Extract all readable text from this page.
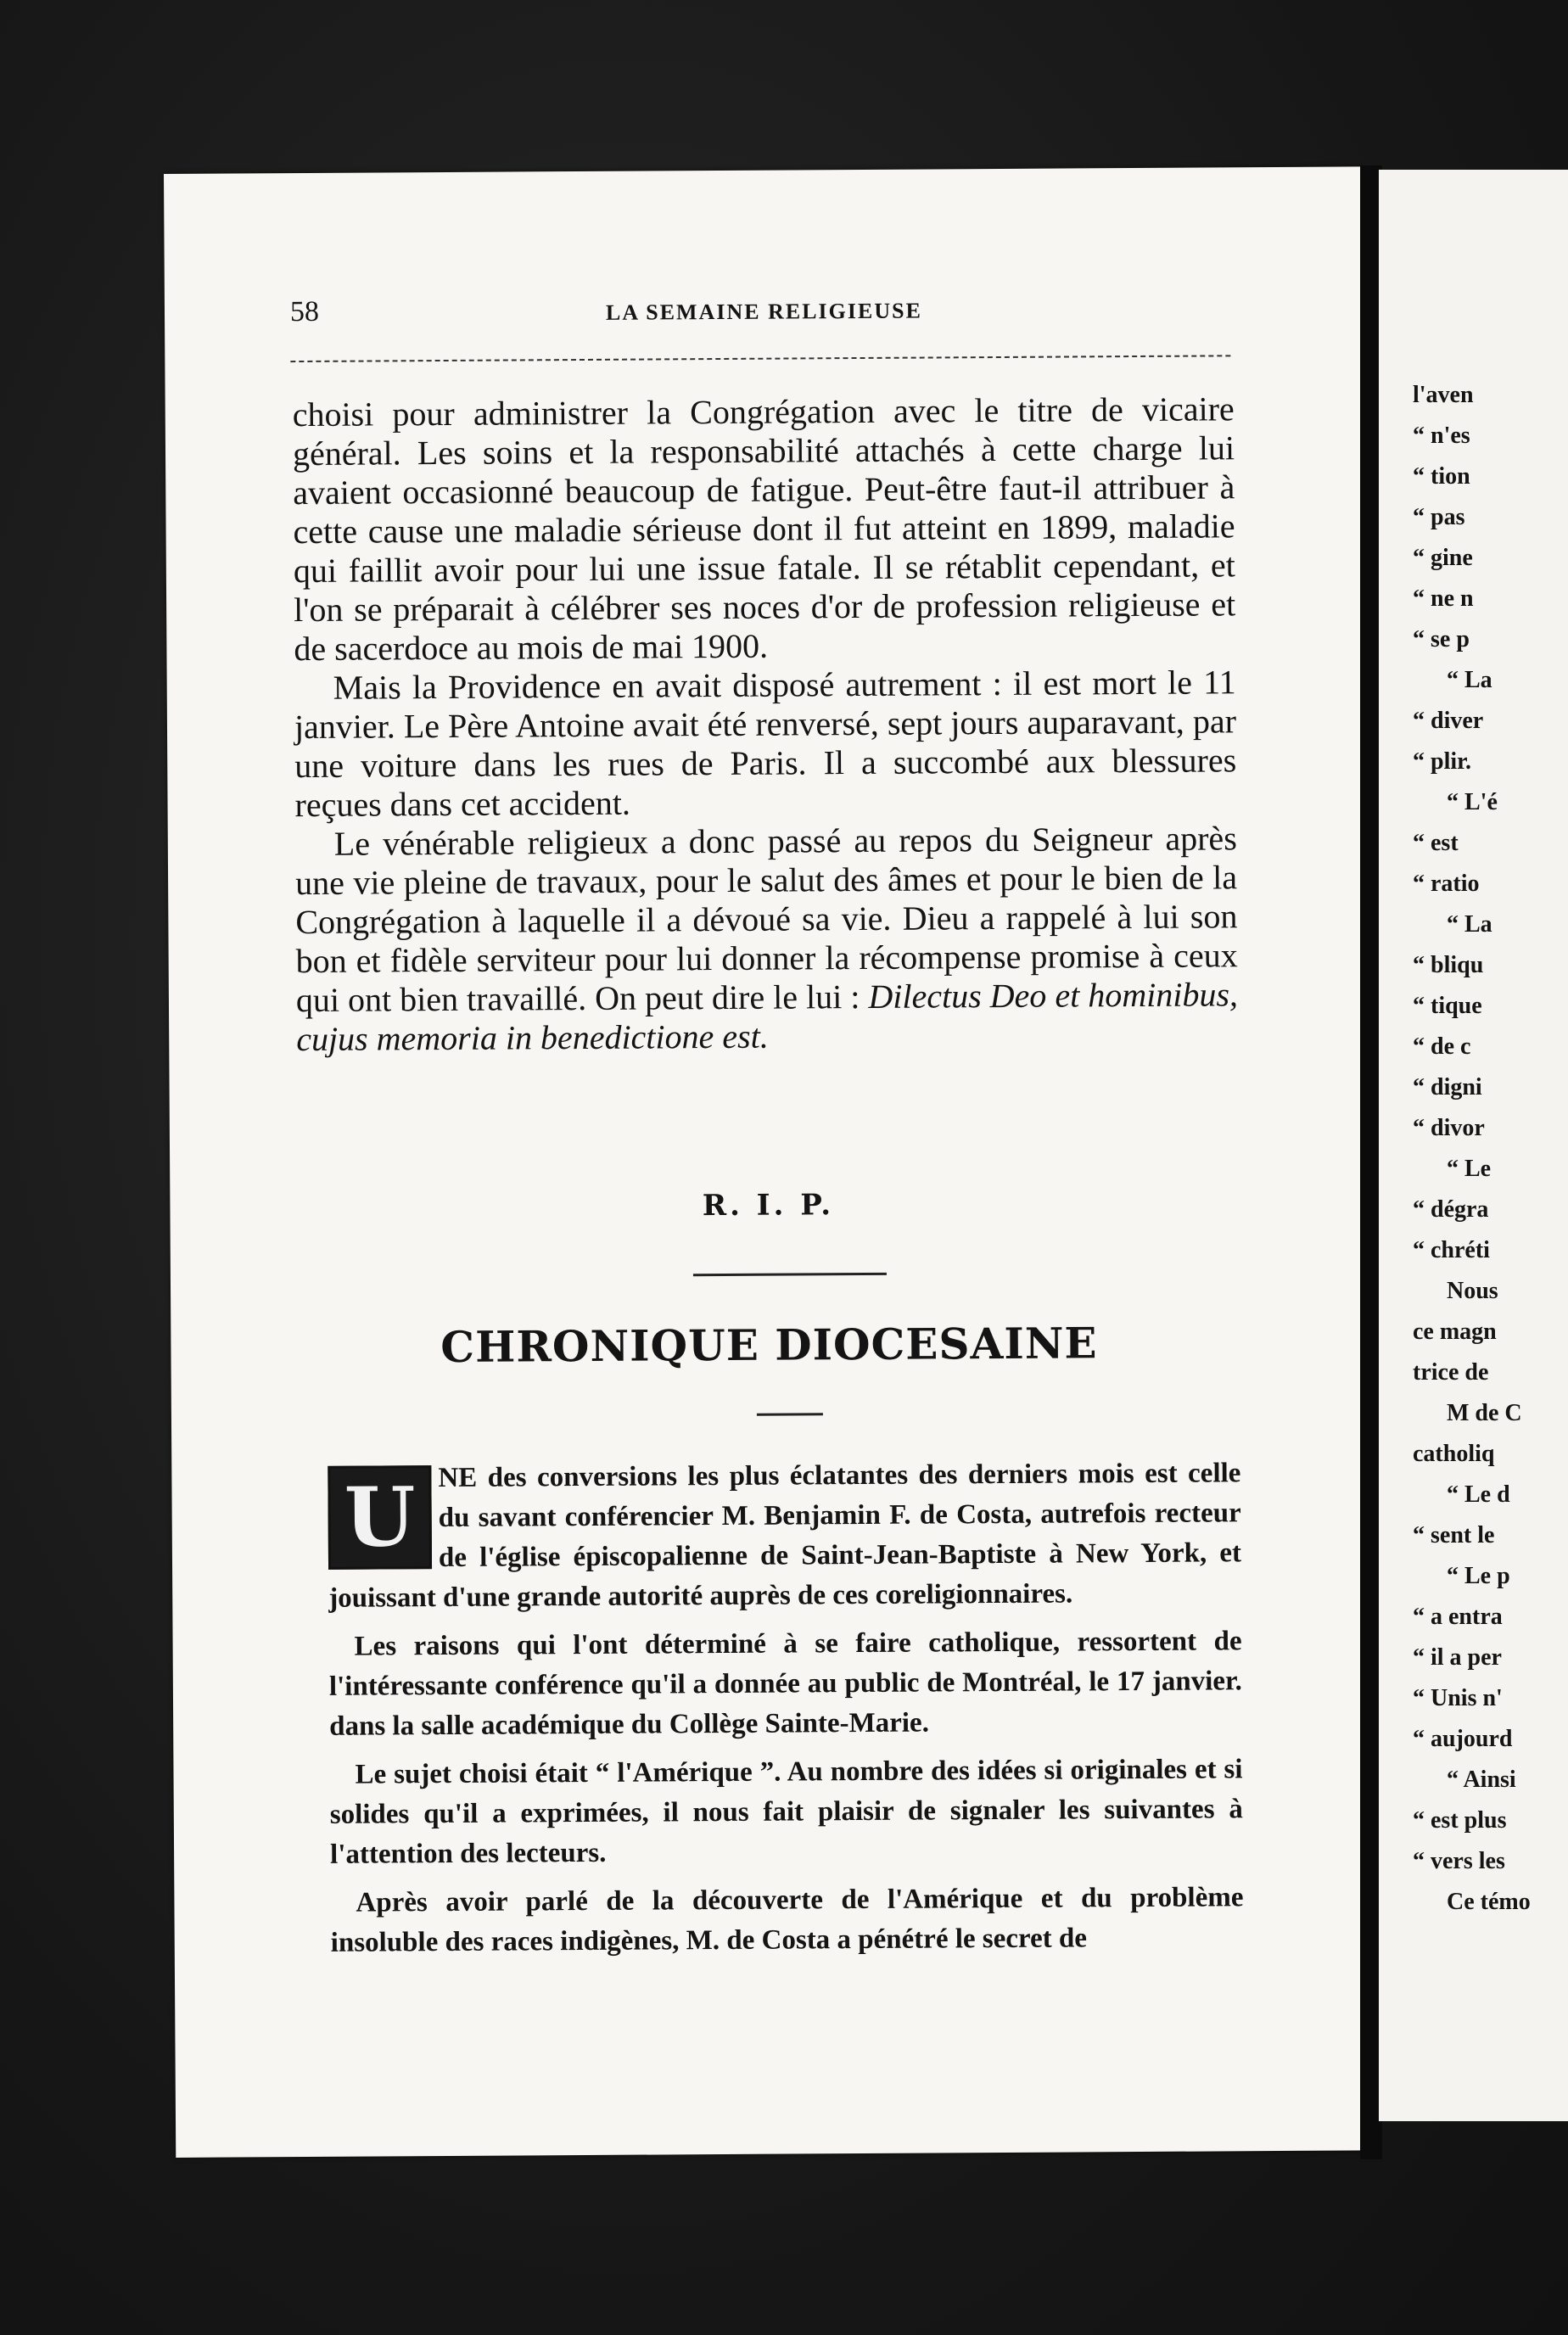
58	LA SEMAINE RELIGIEUSE

choisi pour administrer la Congrégation avec le titre de vicaire général. Les soins et la responsabilité attachés à cette charge lui avaient occasionné beaucoup de fatigue. Peut-être faut-il attribuer à cette cause une maladie sérieuse dont il fut atteint en 1899, maladie qui faillit avoir pour lui une issue fatale. Il se rétablit cependant, et l'on se préparait à célébrer ses noces d'or de profession religieuse et de sacerdoce au mois de mai 1900.

Mais la Providence en avait disposé autrement : il est mort le 11 janvier. Le Père Antoine avait été renversé, sept jours auparavant, par une voiture dans les rues de Paris. Il a succombé aux blessures reçues dans cet accident.

Le vénérable religieux a donc passé au repos du Seigneur après une vie pleine de travaux, pour le salut des âmes et pour le bien de la Congrégation à laquelle il a dévoué sa vie. Dieu a rappelé à lui son bon et fidèle serviteur pour lui donner la récompense promise à ceux qui ont bien travaillé. On peut dire le lui : Dilectus Deo et hominibus, cujus memoria in benedictione est.

R. I. P.
CHRONIQUE DIOCESAINE
U NE des conversions les plus éclatantes des derniers mois est celle du savant conférencier M. Benjamin F. de Costa, autrefois recteur de l'église épiscopalienne de Saint-Jean-Baptiste à New York, et jouissant d'une grande autorité auprès de ces coreligionnaires.

Les raisons qui l'ont déterminé à se faire catholique, ressortent de l'intéressante conférence qu'il a donnée au public de Montréal, le 17 janvier. dans la salle académique du Collège Sainte-Marie.

Le sujet choisi était “ l'Amérique ”. Au nombre des idées si originales et si solides qu'il a exprimées, il nous fait plaisir de signaler les suivantes à l'attention des lecteurs.

Après avoir parlé de la découverte de l'Amérique et du problème insoluble des races indigènes, M. de Costa a pénétré le secret de

l'aven
“ n'es
“ tion
“ pas
“ gine
“ ne n
“ se p
“ La
“ diver
“ plir.
“ L'é
“ est
“ ratio
“ La
“ bliqu
“ tique
“ de c
“ digni
“ divor
“ Le
“ dégra
“ chréti
Nous
ce magn
trice de
M de C
catholiq
“ Le d
“ sent le
“ Le p
“ a entra
“ il a per
“ Unis n'
“ aujourd
“ Ainsi
“ est plus
“ vers les
Ce témo
